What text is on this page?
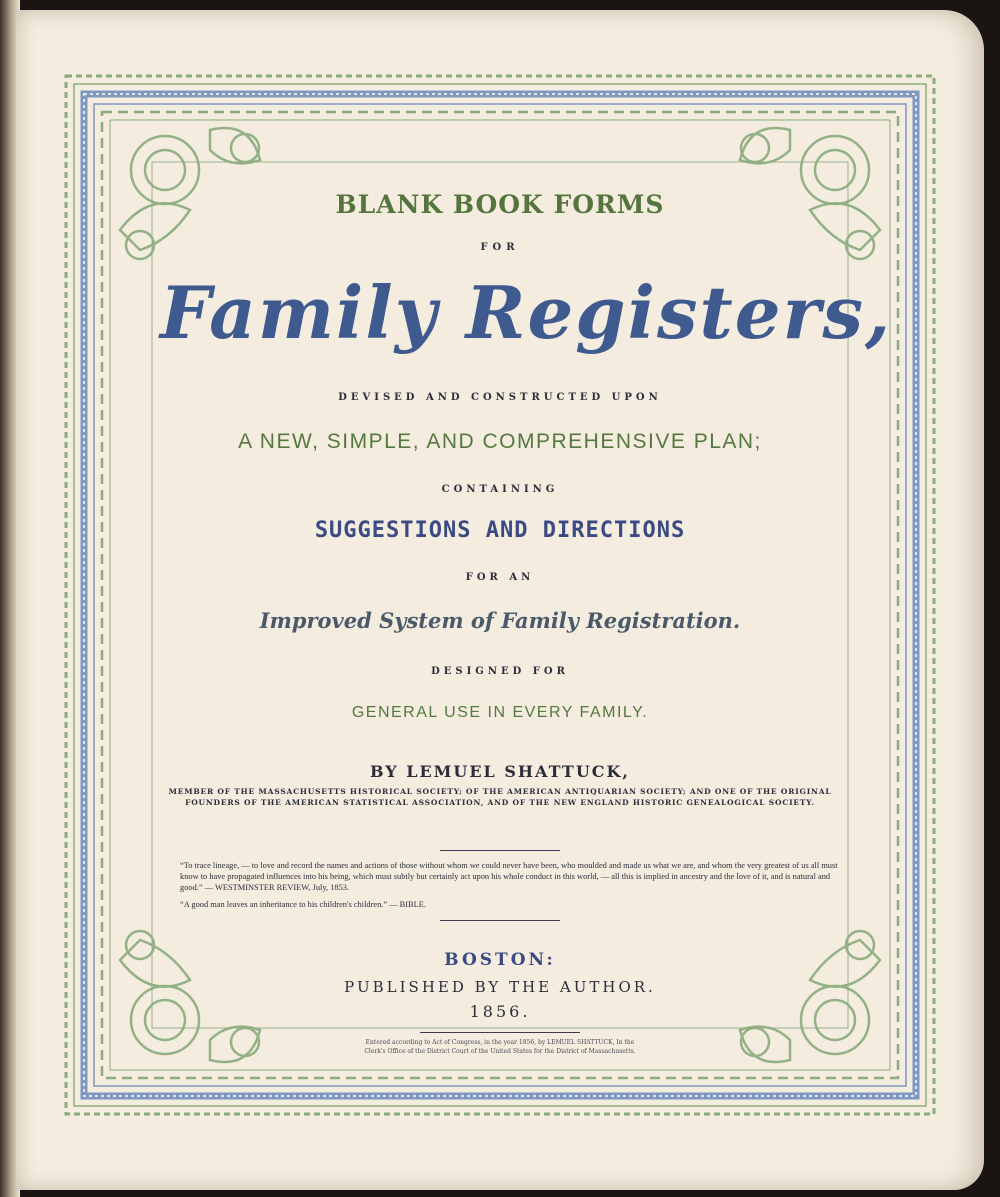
BLANK BOOK FORMS
FOR
Family Registers,
DEVISED AND CONSTRUCTED UPON
A NEW, SIMPLE, AND COMPREHENSIVE PLAN;
CONTAINING
SUGGESTIONS AND DIRECTIONS
FOR AN
Improved System of Family Registration.
DESIGNED FOR
GENERAL USE IN EVERY FAMILY.
BY LEMUEL SHATTUCK,
MEMBER OF THE MASSACHUSETTS HISTORICAL SOCIETY; OF THE AMERICAN ANTIQUARIAN SOCIETY; AND ONE OF THE ORIGINAL FOUNDERS OF THE AMERICAN STATISTICAL ASSOCIATION, AND OF THE NEW ENGLAND HISTORIC GENEALOGICAL SOCIETY.
“To trace lineage, — to love and record the names and actions of those without whom we could never have been, who moulded and made us what we are, and whom the very greatest of us all must know to have propagated influences into his being, which must subtly but certainly act upon his whole conduct in this world, — all this is implied in ancestry and the love of it, and is natural and good.” — WESTMINSTER REVIEW, July, 1853.
“A good man leaves an inheritance to his children's children.” — BIBLE.
BOSTON:
PUBLISHED BY THE AUTHOR.
1856.
Entered according to Act of Congress, in the year 1856, by LEMUEL SHATTUCK, In the Clerk's Office of the District Court of the United States for the District of Massachusetts.
